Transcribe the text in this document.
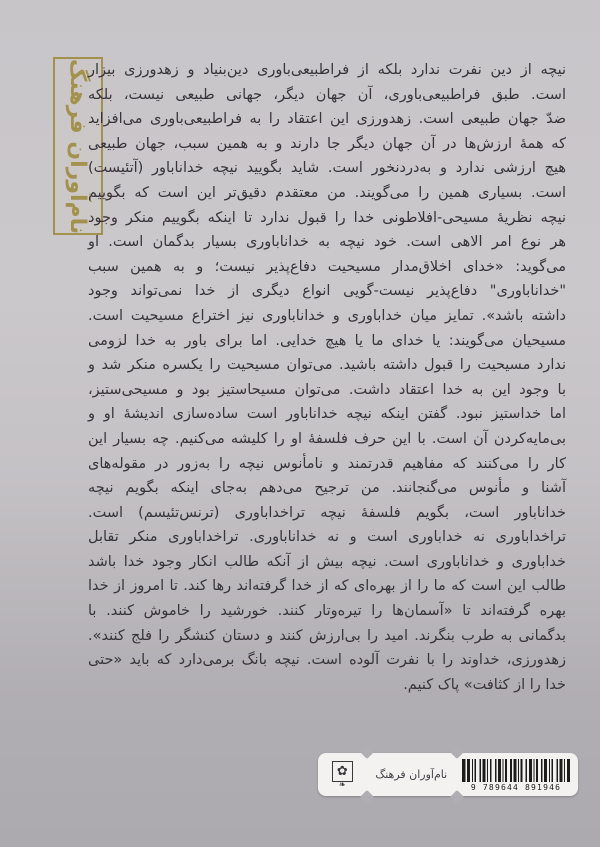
نام‌آوران فرهنگ
نیچه از دین نفرت ندارد بلکه از فراطبیعی‌باوری دین‌بنیاد و زهدورزی بیزار
است. طبق فراطبیعی‌باوری، آن جهان دیگر، جهانی طبیعی نیست، بلکه
ضدّ جهان طبیعی است. زهدورزی این اعتقاد را به فراطبیعی‌باوری می‌افزاید
که همهٔ ارزش‌ها در آن جهان دیگر جا دارند و به همین سبب، جهان طبیعی
هیچ ارزشی ندارد و به‌دردنخور است. شاید بگویید نیچه خداناباور (آتئیست)
است. بسیاری همین را می‌گویند. من معتقدم دقیق‌تر این است که بگوییم
نیچه نظریهٔ مسیحی-افلاطونی خدا را قبول ندارد تا اینکه بگوییم منکر وجود
هر نوع امر الاهی است. خود نیچه به خداناباوری بسیار بدگمان است. او
می‌گوید: «خدای اخلاق‌مدار مسیحیت دفاع‌پذیر نیست؛ و به همین سبب
"خداناباوری" دفاع‌پذیر نیست-گویی انواع دیگری از خدا نمی‌تواند وجود
داشته باشد». تمایز میان خداباوری و خداناباوری نیز اختراع مسیحیت است.
مسیحیان می‌گویند: یا خدای ما یا هیچ خدایی. اما برای باور به خدا لزومی
ندارد مسیحیت را قبول داشته باشید. می‌توان مسیحیت را یکسره منکر شد و
با وجود این به خدا اعتقاد داشت. می‌توان مسیحاستیز بود و مسیحی‌ستیز،
اما خداستیز نبود. گفتن اینکه نیچه خداناباور است ساده‌سازی اندیشهٔ او و
بی‌مایه‌کردن آن است. با این حرف فلسفهٔ او را کلیشه می‌کنیم. چه بسیار این
کار را می‌کنند که مفاهیم قدرتمند و نامأنوس نیچه را به‌زور در مقوله‌های
آشنا و مأنوس می‌گنجانند. من ترجیح می‌دهم به‌جای اینکه بگویم نیچه
خداناباور است، بگویم فلسفهٔ نیچه تراخداباوری (ترنس‌تئیسم) است.
تراخداباوری نه خداباوری است و نه خداناباوری. تراخداباوری منکر تقابل
خداباوری و خداناباوری است. نیچه بیش از آنکه طالب انکار وجود خدا باشد
طالب این است که ما را از بهره‌ای که از خدا گرفته‌اند رها کند. تا امروز از خدا
بهره گرفته‌اند تا «آسمان‌ها را تیره‌وتار کنند. خورشید را خاموش کنند. با
بدگمانی به طرب بنگرند. امید را بی‌ارزش کنند و دستان کنشگر را فلج کنند».
زهدورزی، خداوند را با نفرت آلوده است. نیچه بانگ برمی‌دارد که باید «حتی
خدا را از کثافت» پاک کنیم.
✿
❧
نام‌آوران فرهنگ
9 789644 891946
